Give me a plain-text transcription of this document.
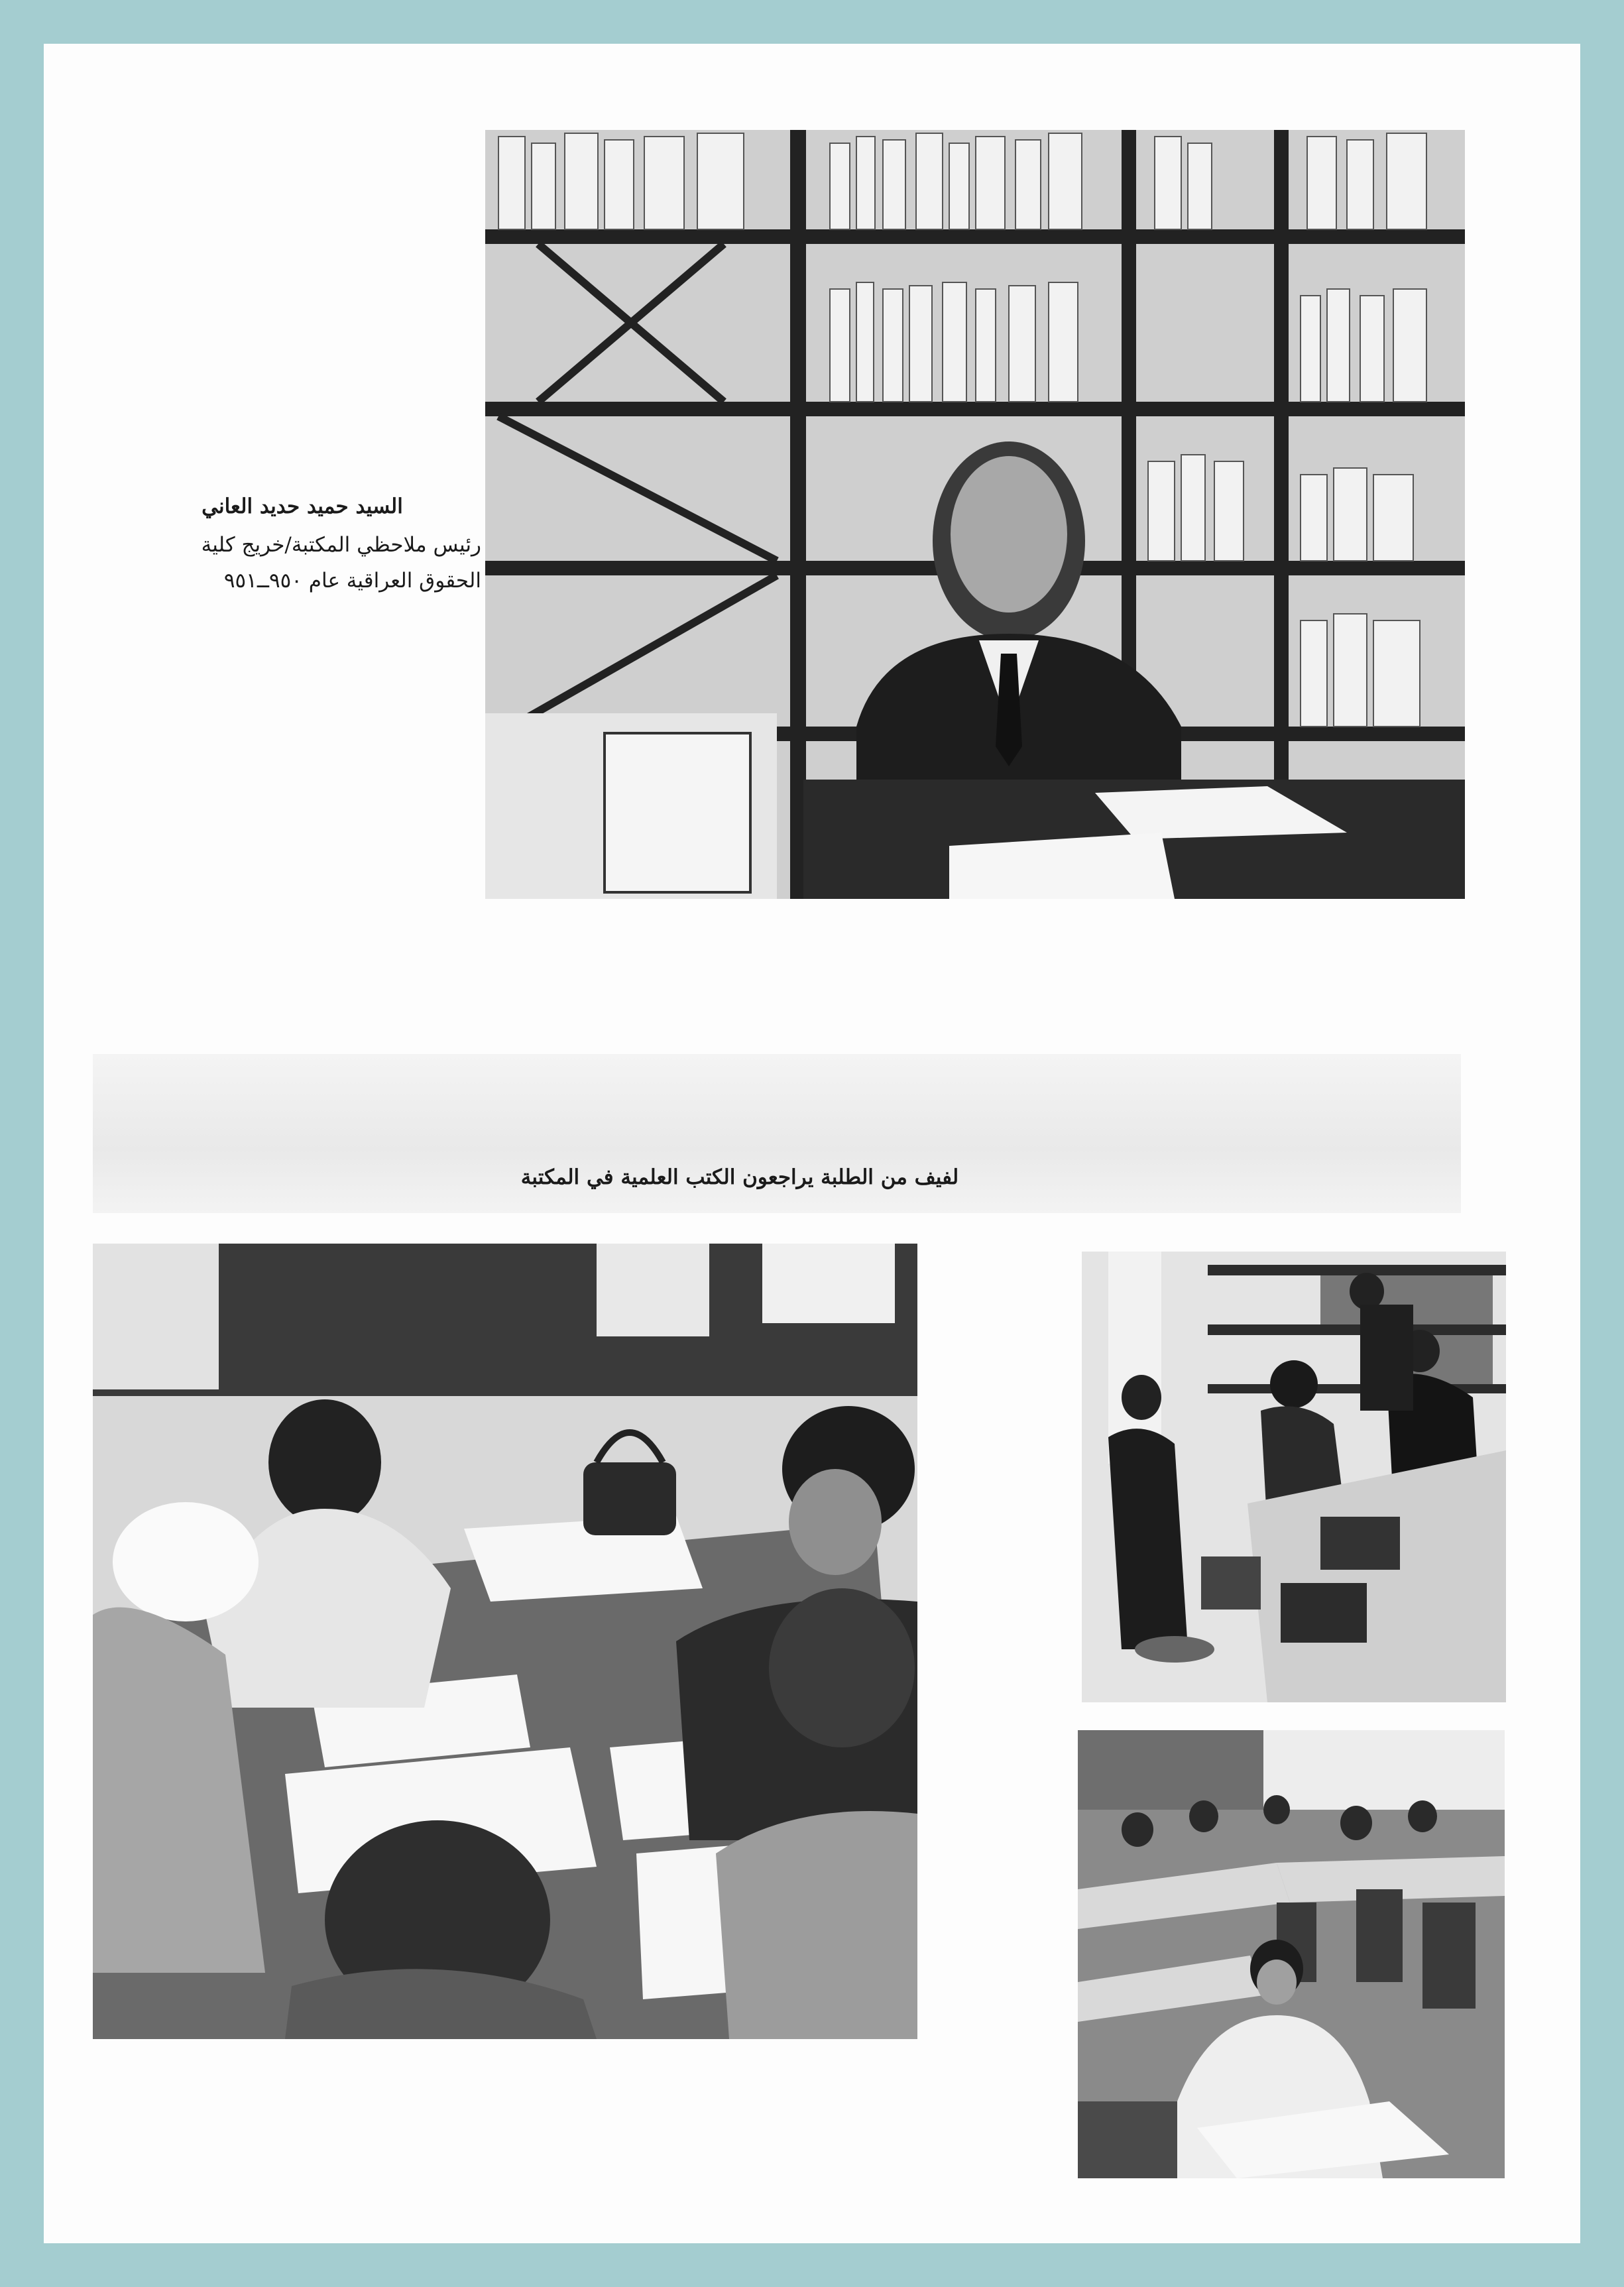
السيد حميد حديد العاني
رئيس ملاحظي المكتبة/خريج كلية
الحقوق العراقية عام ٩٥٠ــ٩٥١
لفيف من الطلبة يراجعون الكتب العلمية في المكتبة
